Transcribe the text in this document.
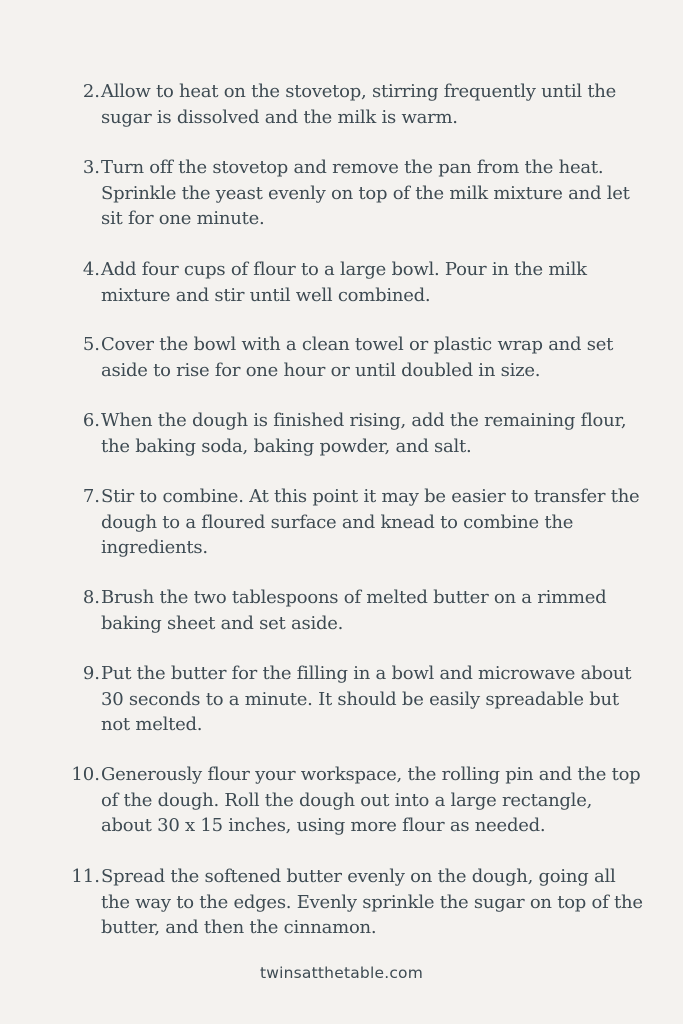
2. Allow to heat on the stovetop, stirring frequently until the sugar is dissolved and the milk is warm.
3. Turn off the stovetop and remove the pan from the heat. Sprinkle the yeast evenly on top of the milk mixture and let sit for one minute.
4. Add four cups of flour to a large bowl. Pour in the milk mixture and stir until well combined.
5. Cover the bowl with a clean towel or plastic wrap and set aside to rise for one hour or until doubled in size.
6. When the dough is finished rising, add the remaining flour, the baking soda, baking powder, and salt.
7. Stir to combine. At this point it may be easier to transfer the dough to a floured surface and knead to combine the ingredients.
8. Brush the two tablespoons of melted butter on a rimmed baking sheet and set aside.
9. Put the butter for the filling in a bowl and microwave about 30 seconds to a minute. It should be easily spreadable but not melted.
10. Generously flour your workspace, the rolling pin and the top of the dough. Roll the dough out into a large rectangle, about 30 x 15 inches, using more flour as needed.
11. Spread the softened butter evenly on the dough, going all the way to the edges. Evenly sprinkle the sugar on top of the butter, and then the cinnamon.
twinsatthetable.com
